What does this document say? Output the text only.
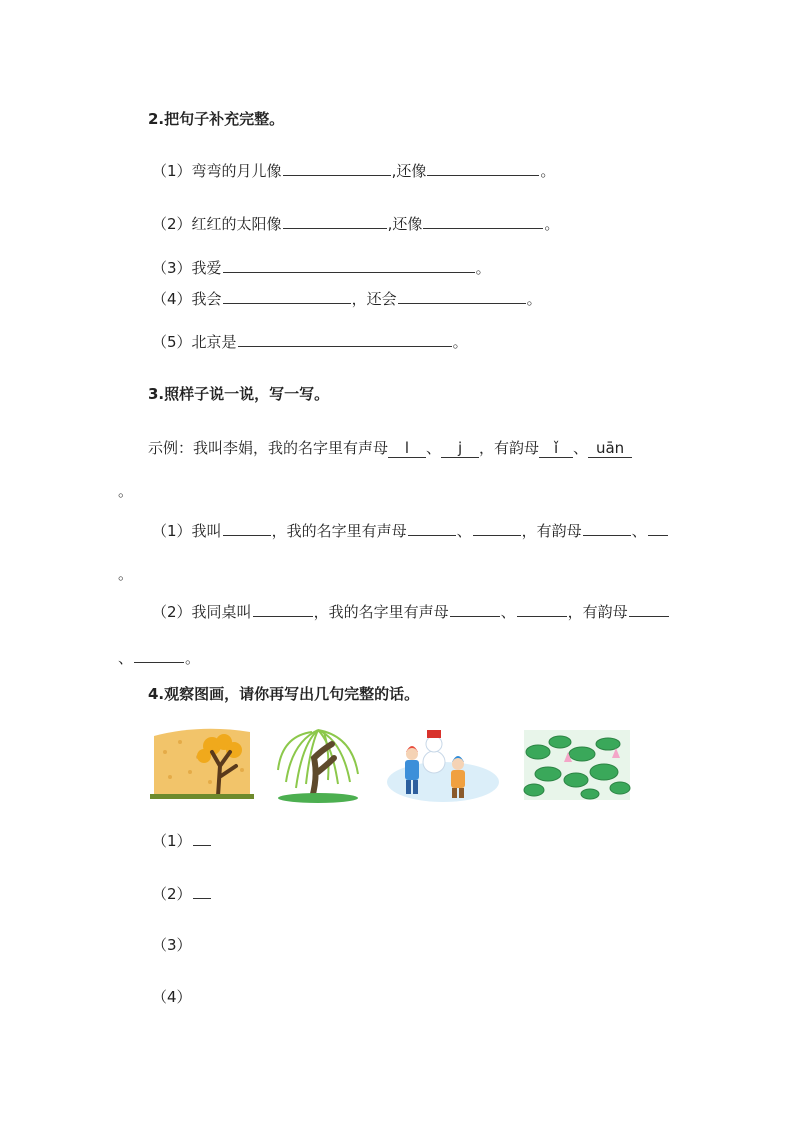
2.把句子补充完整。
（1）弯弯的月儿像	,还像	。
（2）红红的太阳像	,还像	。
（3）我爱	。
（4）我会	，还会	。
（5）北京是	。
3.照样子说一说，写一写。
示例：我叫李娟，我的名字里有声母 l 、 j ，有韵母 ǐ 、 uān
。
（1）我叫	，我的名字里有声母	、	，有韵母	、
。
（2）我同桌叫	，我的名字里有声母	、	，有韵母
、	。
4.观察图画，请你再写出几句完整的话。
（1）
（2）
（3）
（4）
